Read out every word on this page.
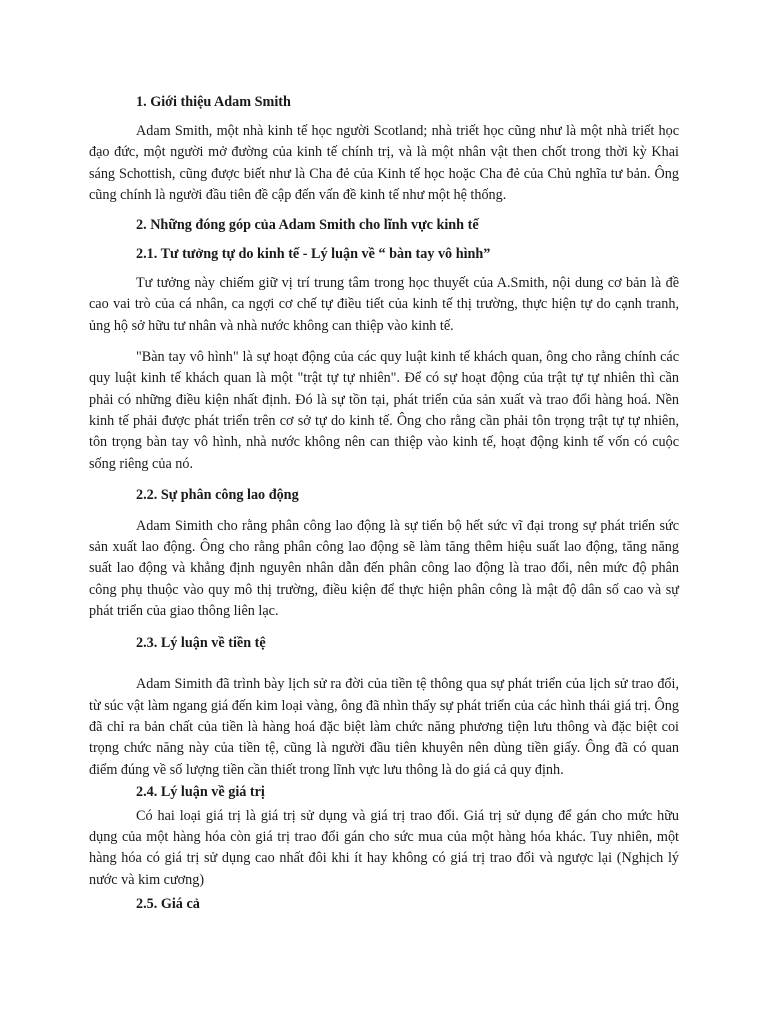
1. Giới thiệu Adam Smith

Adam Smith, một nhà kinh tế học người Scotland; nhà triết học cũng như là một nhà triết học đạo đức, một người mở đường của kinh tế chính trị, và là một nhân vật then chốt trong thời kỳ Khai sáng Schottish, cũng được biết như là Cha đẻ của Kinh tế học hoặc Cha đẻ của Chủ nghĩa tư bản. Ông cũng chính là người đầu tiên đề cập đến vấn đề kinh tế như một hệ thống.

2. Những đóng góp của Adam Smith cho lĩnh vực kinh tế

2.1. Tư tưởng tự do kinh tế - Lý luận về “ bàn tay vô hình”

Tư tưởng này chiếm giữ vị trí trung tâm trong học thuyết của A.Smith, nội dung cơ bản là đề cao vai trò của cá nhân, ca ngợi cơ chế tự điều tiết của kinh tế thị trường, thực hiện tự do cạnh tranh, ủng hộ sở hữu tư nhân và nhà nước không can thiệp vào kinh tế.

"Bàn tay vô hình" là sự hoạt động của các quy luật kinh tế khách quan, ông cho rằng chính các quy luật kinh tế khách quan là một "trật tự tự nhiên". Để có sự hoạt động của trật tự tự nhiên thì cần phải có những điều kiện nhất định. Đó là sự tồn tại, phát triển của sản xuất và trao đổi hàng hoá. Nền kinh tế phải được phát triển trên cơ sở tự do kinh tế. Ông cho rằng cần phải tôn trọng trật tự tự nhiên, tôn trọng bàn tay vô hình, nhà nước không nên can thiệp vào kinh tế, hoạt động kinh tế vốn có cuộc sống riêng của nó.

2.2. Sự phân công lao động

Adam Simith cho rằng phân công lao động là sự tiến bộ hết sức vĩ đại trong sự phát triển sức sản xuất lao động. Ông cho rằng phân công lao động sẽ làm tăng thêm hiệu suất lao động, tăng năng suất lao động và khẳng định nguyên nhân dẫn đến phân công lao động là trao đổi, nên mức độ phân công phụ thuộc vào quy mô thị trường, điều kiện để thực hiện phân công là mật độ dân số cao và sự phát triển của giao thông liên lạc.

2.3. Lý luận về tiền tệ

Adam Simith đã trình bày lịch sử ra đời của tiền tệ thông qua sự phát triển của lịch sử trao đổi, từ súc vật làm ngang giá đến kim loại vàng, ông đã nhìn thấy sự phát triển của các hình thái giá trị. Ông đã chỉ ra bản chất của tiền là hàng hoá đặc biệt làm chức năng phương tiện lưu thông và đặc biệt coi trọng chức năng này của tiền tệ, cũng là người đầu tiên khuyên nên dùng tiền giấy. Ông đã có quan điểm đúng về số lượng tiền cần thiết trong lĩnh vực lưu thông là do giá cả quy định.

2.4. Lý luận về giá trị

Có hai loại giá trị là giá trị sử dụng và giá trị trao đổi. Giá trị sử dụng để gán cho mức hữu dụng của một hàng hóa còn giá trị trao đổi gán cho sức mua của một hàng hóa khác. Tuy nhiên, một hàng hóa có giá trị sử dụng cao nhất đôi khi ít hay không có giá trị trao đổi và ngược lại (Nghịch lý nước và kim cương)

2.5. Giá cả
